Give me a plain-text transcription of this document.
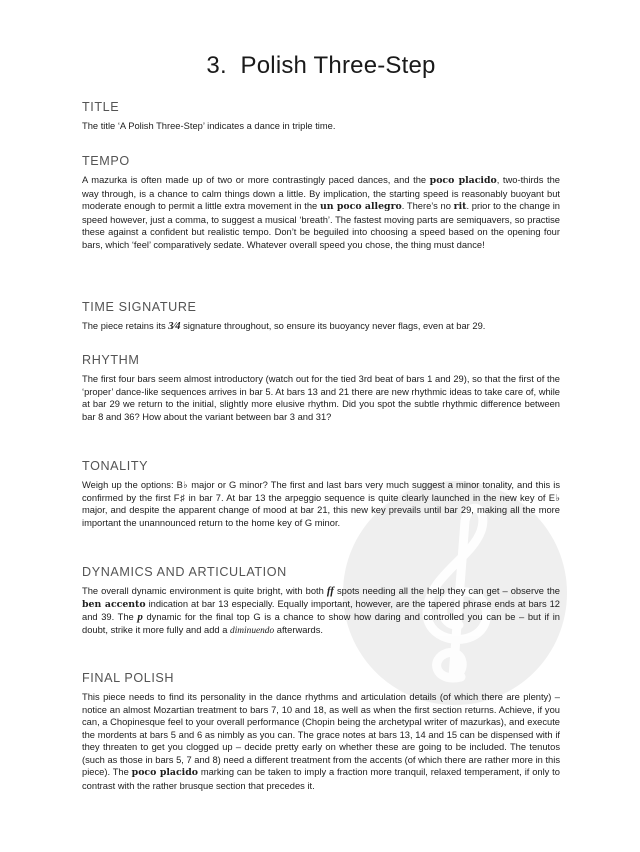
3.  Polish Three-Step
TITLE

The title ‘A Polish Three-Step’ indicates a dance in triple time.

TEMPO

A mazurka is often made up of two or more contrastingly paced dances, and the poco placido, two-thirds the way through, is a chance to calm things down a little. By implication, the starting speed is reasonably buoyant but moderate enough to permit a little extra movement in the un poco allegro. There’s no rit. prior to the change in speed however, just a comma, to suggest a musical ‘breath’. The fastest moving parts are semiquavers, so practise these against a confident but realistic tempo. Don’t be beguiled into choosing a speed based on the opening four bars, which ‘feel’ comparatively sedate. Whatever overall speed you chose, the thing must dance!

TIME SIGNATURE

The piece retains its 3⁄4 signature throughout, so ensure its buoyancy never flags, even at bar 29.

RHYTHM

The first four bars seem almost introductory (watch out for the tied 3rd beat of bars 1 and 29), so that the first of the ‘proper’ dance-like sequences arrives in bar 5. At bars 13 and 21 there are new rhythmic ideas to take care of, while at bar 29 we return to the initial, slightly more elusive rhythm. Did you spot the subtle rhythmic difference between bar 8 and 36? How about the variant between bar 3 and 31?

TONALITY

Weigh up the options: B♭ major or G minor? The first and last bars very much suggest a minor tonality, and this is confirmed by the first F♯ in bar 7. At bar 13 the arpeggio sequence is quite clearly launched in the new key of E♭ major, and despite the apparent change of mood at bar 21, this new key prevails until bar 29, making all the more important the unannounced return to the home key of G minor.

DYNAMICS AND ARTICULATION

The overall dynamic environment is quite bright, with both ff spots needing all the help they can get – observe the ben accento indication at bar 13 especially. Equally important, however, are the tapered phrase ends at bars 12 and 39. The p dynamic for the final top G is a chance to show how daring and controlled you can be – but if in doubt, strike it more fully and add a diminuendo afterwards.

FINAL POLISH

This piece needs to find its personality in the dance rhythms and articulation details (of which there are plenty) – notice an almost Mozartian treatment to bars 7, 10 and 18, as well as when the first section returns. Achieve, if you can, a Chopinesque feel to your overall performance (Chopin being the archetypal writer of mazurkas), and execute the mordents at bars 5 and 6 as nimbly as you can. The grace notes at bars 13, 14 and 15 can be dispensed with if they threaten to get you clogged up – decide pretty early on whether these are going to be included. The tenutos (such as those in bars 5, 7 and 8) need a different treatment from the accents (of which there are rather more in this piece). The poco placido marking can be taken to imply a fraction more tranquil, relaxed temperament, if only to contrast with the rather brusque section that precedes it.
